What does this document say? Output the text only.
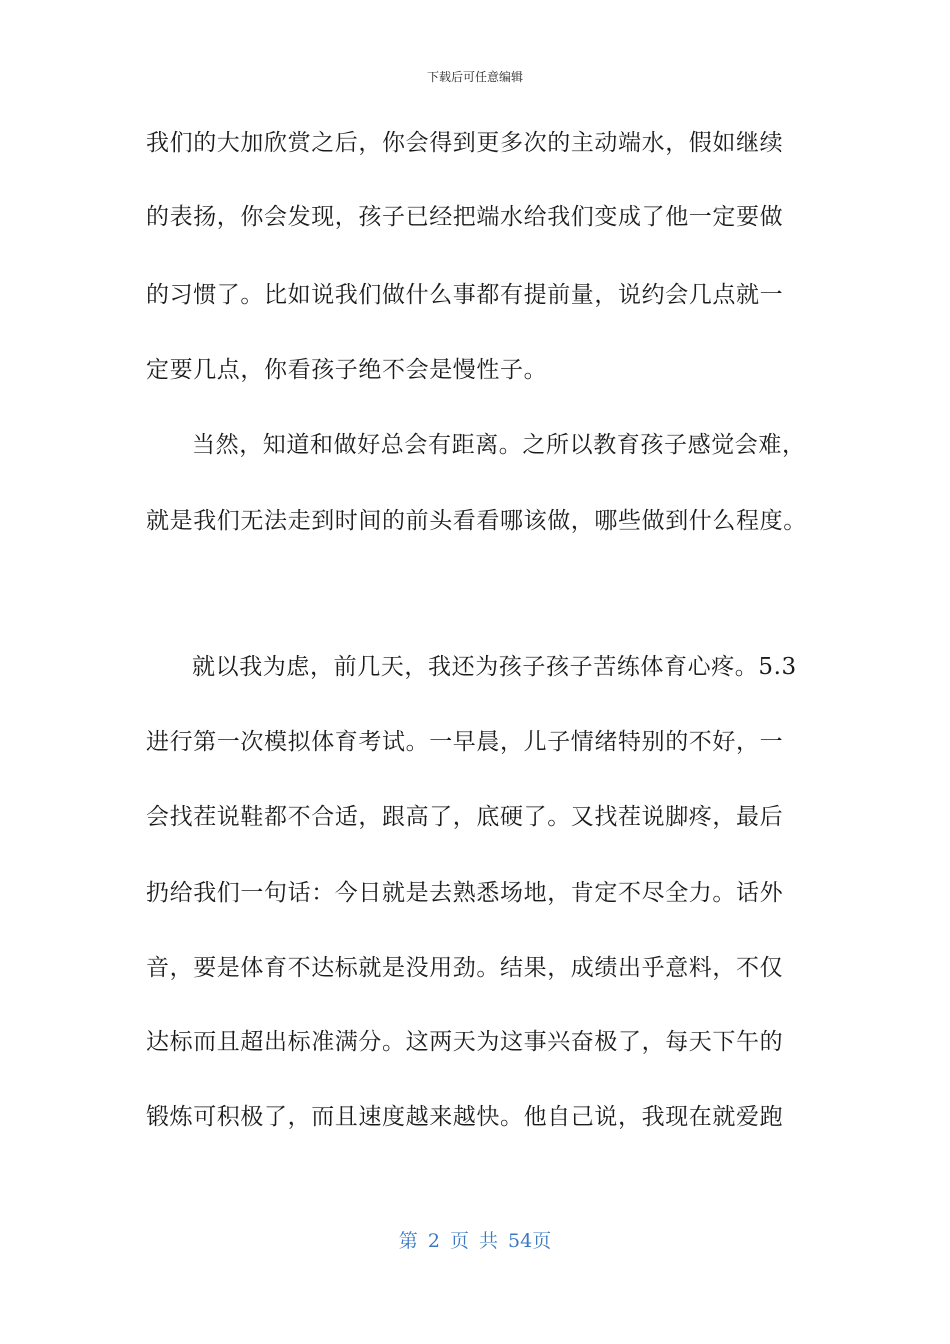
下载后可任意编辑
我们的大加欣赏之后，你会得到更多次的主动端水，假如继续
的表扬，你会发现，孩子已经把端水给我们变成了他一定要做
的习惯了。比如说我们做什么事都有提前量，说约会几点就一
定要几点，你看孩子绝不会是慢性子。
当然，知道和做好总会有距离。之所以教育孩子感觉会难，
就是我们无法走到时间的前头看看哪该做，哪些做到什么程度。
就以我为虑，前几天，我还为孩子孩子苦练体育心疼。5.3
进行第一次模拟体育考试。一早晨，儿子情绪特别的不好，一
会找茬说鞋都不合适，跟高了，底硬了。又找茬说脚疼，最后
扔给我们一句话：今日就是去熟悉场地，肯定不尽全力。话外
音，要是体育不达标就是没用劲。结果，成绩出乎意料，不仅
达标而且超出标准满分。这两天为这事兴奋极了，每天下午的
锻炼可积极了，而且速度越来越快。他自己说，我现在就爱跑
第 2 页 共 54页
